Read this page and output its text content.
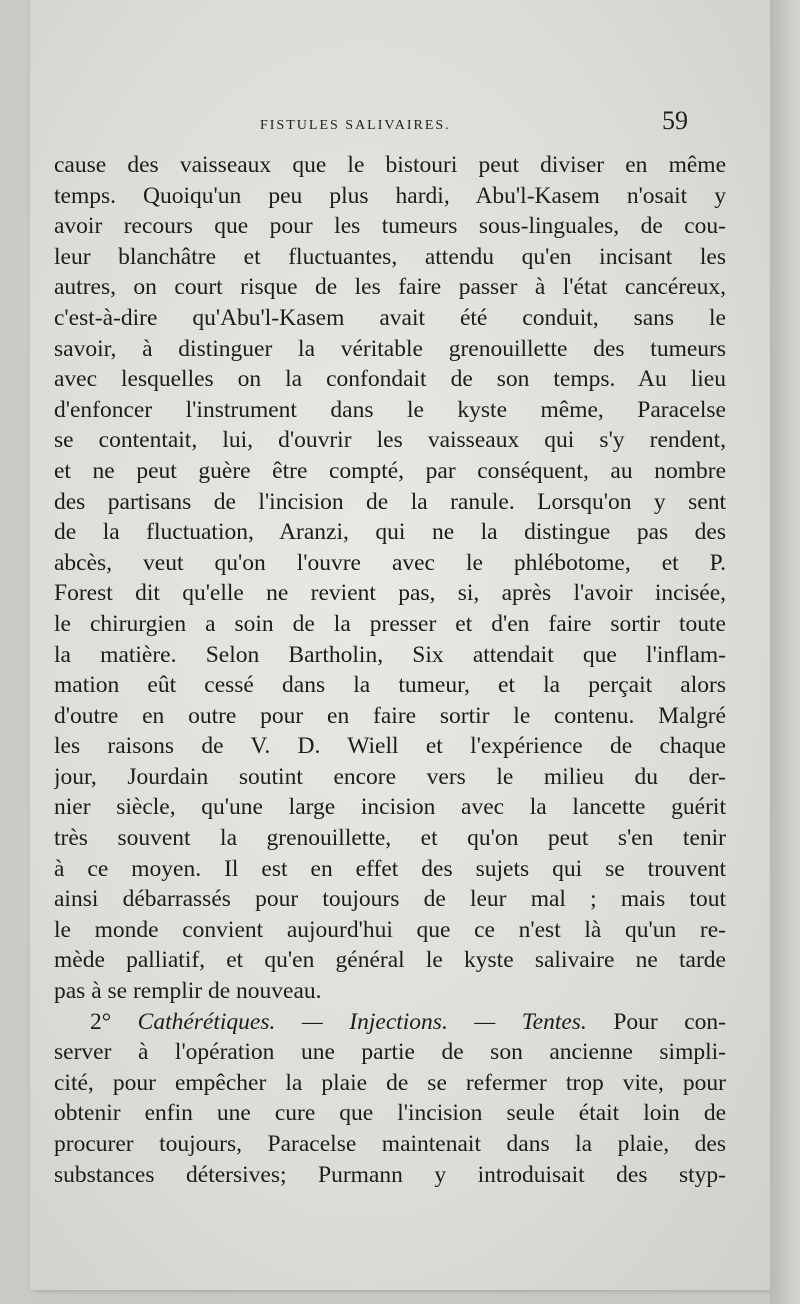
FISTULES SALIVAIRES.	59
cause des vaisseaux que le bistouri peut diviser en même
temps. Quoiqu'un peu plus hardi, Abu'l-Kasem n'osait y
avoir recours que pour les tumeurs sous-linguales, de cou-
leur blanchâtre et fluctuantes, attendu qu'en incisant les
autres, on court risque de les faire passer à l'état cancéreux,
c'est-à-dire qu'Abu'l-Kasem avait été conduit, sans le
savoir, à distinguer la véritable grenouillette des tumeurs
avec lesquelles on la confondait de son temps. Au lieu
d'enfoncer l'instrument dans le kyste même, Paracelse
se contentait, lui, d'ouvrir les vaisseaux qui s'y rendent,
et ne peut guère être compté, par conséquent, au nombre
des partisans de l'incision de la ranule. Lorsqu'on y sent
de la fluctuation, Aranzi, qui ne la distingue pas des
abcès, veut qu'on l'ouvre avec le phlébotome, et P.
Forest dit qu'elle ne revient pas, si, après l'avoir incisée,
le chirurgien a soin de la presser et d'en faire sortir toute
la matière. Selon Bartholin, Six attendait que l'inflam-
mation eût cessé dans la tumeur, et la perçait alors
d'outre en outre pour en faire sortir le contenu. Malgré
les raisons de V. D. Wiell et l'expérience de chaque
jour, Jourdain soutint encore vers le milieu du der-
nier siècle, qu'une large incision avec la lancette guérit
très souvent la grenouillette, et qu'on peut s'en tenir
à ce moyen. Il est en effet des sujets qui se trouvent
ainsi débarrassés pour toujours de leur mal ; mais tout
le monde convient aujourd'hui que ce n'est là qu'un re-
mède palliatif, et qu'en général le kyste salivaire ne tarde
pas à se remplir de nouveau.
2° Cathérétiques. — Injections. — Tentes. Pour con-
server à l'opération une partie de son ancienne simpli-
cité, pour empêcher la plaie de se refermer trop vite, pour
obtenir enfin une cure que l'incision seule était loin de
procurer toujours, Paracelse maintenait dans la plaie, des
substances détersives; Purmann y introduisait des styp-
